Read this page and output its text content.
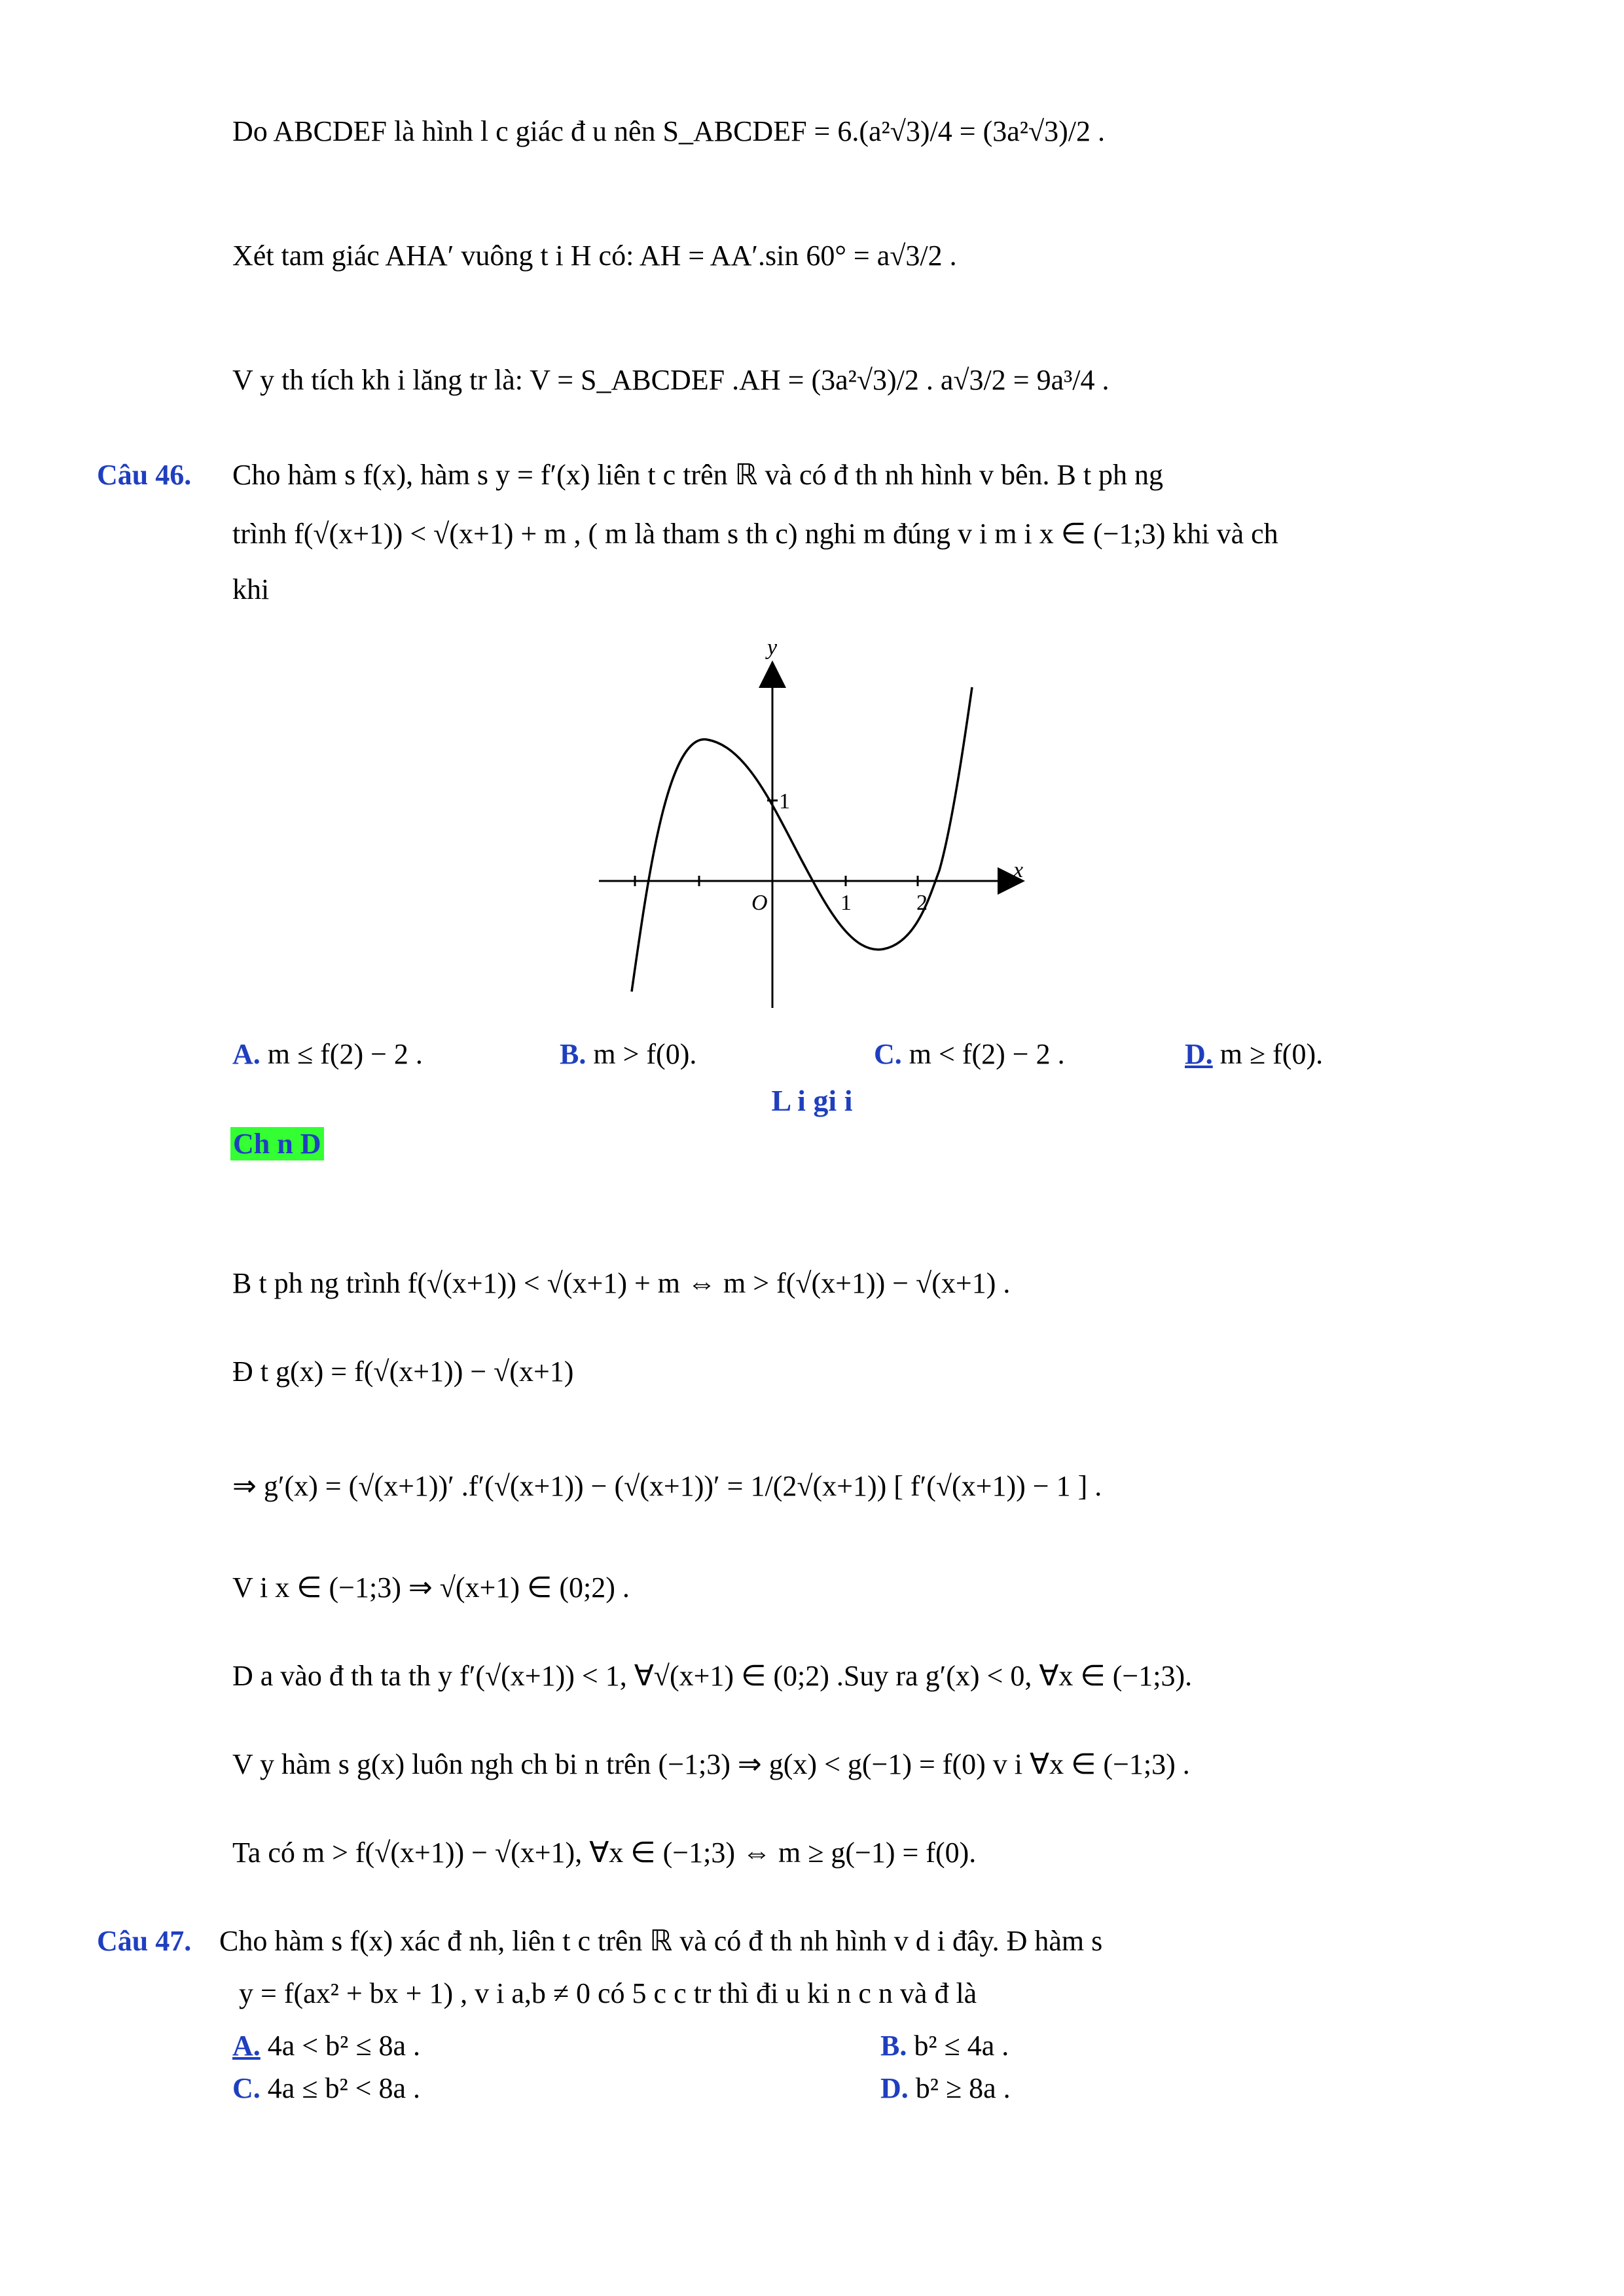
Do ABCDEF là hình l c giác đ u nên S_ABCDEF = 6.(a²√3)/4 = (3a²√3)/2 .
Xét tam giác AHA′ vuông t i H có: AH = AA′.sin 60° = a√3/2 .
V y th tích kh i lăng tr là: V = S_ABCDEF .AH = (3a²√3)/2 . a√3/2 = 9a³/4 .
Câu 46. Cho hàm s f(x), hàm s y = f′(x) liên t c trên ℝ và có đ th nh hình v bên. B t ph ng
trình f(√(x+1)) < √(x+1) + m , ( m là tham s th c) nghi m đúng v i m i x ∈ (−1;3) khi và ch
khi
y
x
O	1	2
1
A. m ≤ f(2) − 2 .	B. m > f(0).	C. m < f(2) − 2 .	D. m ≥ f(0).
L i gi i
Ch n D
B t ph ng trình f(√(x+1)) < √(x+1) + m ⇔ m > f(√(x+1)) − √(x+1) .
Đ t g(x) = f(√(x+1)) − √(x+1)
⇒ g′(x) = (√(x+1))′ .f′(√(x+1)) − (√(x+1))′ = 1/(2√(x+1)) [ f′(√(x+1)) − 1 ] .
V i x ∈ (−1;3) ⇒ √(x+1) ∈ (0;2) .
D a vào đ th ta th y f′(√(x+1)) < 1, ∀√(x+1) ∈ (0;2) .Suy ra g′(x) < 0, ∀x ∈ (−1;3).
V y hàm s g(x) luôn ngh ch bi n trên (−1;3) ⇒ g(x) < g(−1) = f(0) v i ∀x ∈ (−1;3) .
Ta có m > f(√(x+1)) − √(x+1), ∀x ∈ (−1;3) ⇔ m ≥ g(−1) = f(0).
Câu 47. Cho hàm s f(x) xác đ nh, liên t c trên ℝ và có đ th nh hình v d i đây. Đ hàm s
y = f(ax² + bx + 1) , v i a,b ≠ 0 có 5 c c tr thì đi u ki n c n và đ là
A. 4a < b² ≤ 8a .	B. b² ≤ 4a .
C. 4a ≤ b² < 8a .	D. b² ≥ 8a .
